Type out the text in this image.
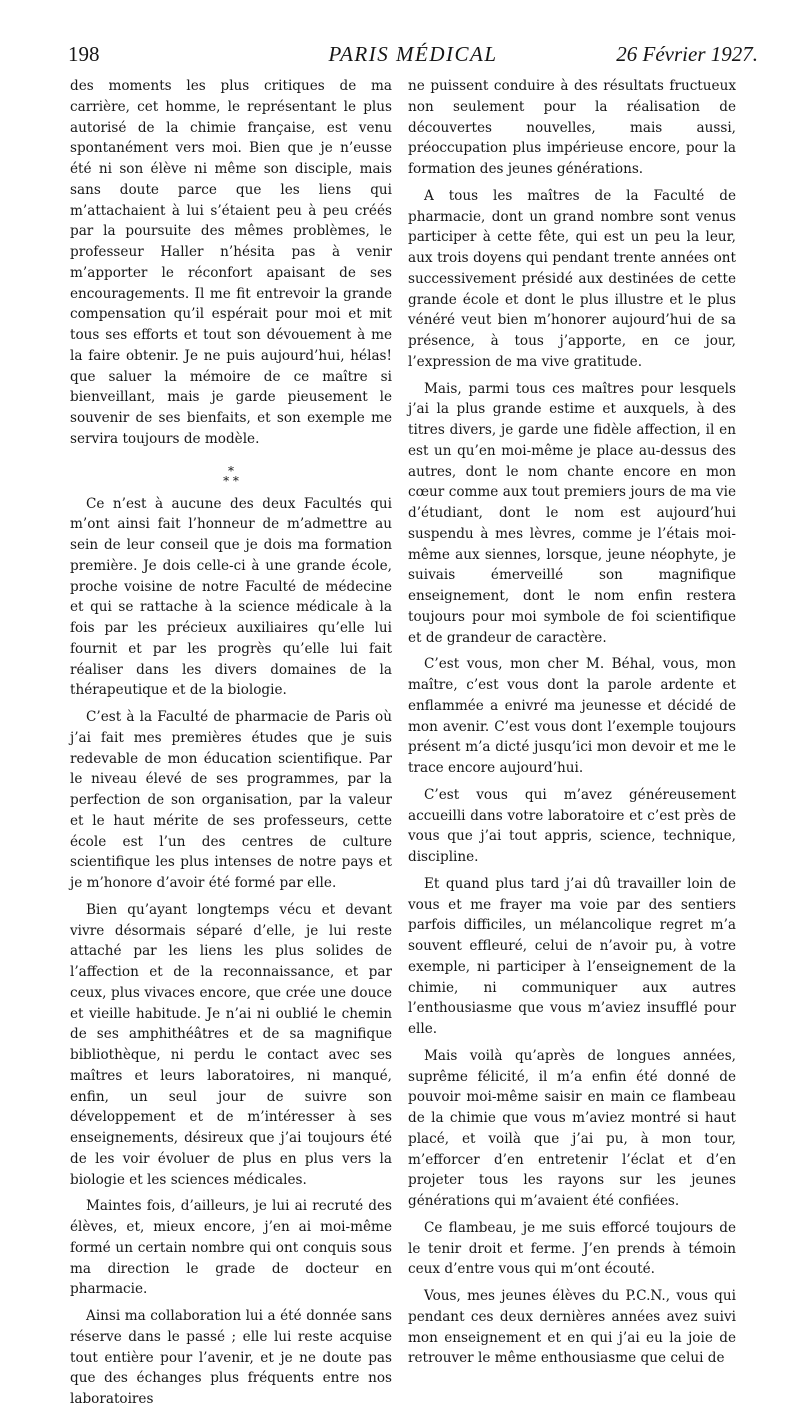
198	PARIS MÉDICAL	26 Février 1927.

des moments les plus critiques de ma carrière, cet homme, le représentant le plus autorisé de la chimie française, est venu spontanément vers moi. Bien que je n’eusse été ni son élève ni même son disciple, mais sans doute parce que les liens qui m’attachaient à lui s’étaient peu à peu créés par la poursuite des mêmes problèmes, le professeur Haller n’hésita pas à venir m’apporter le réconfort apaisant de ses encouragements. Il me fit entrevoir la grande compensation qu’il espérait pour moi et mit tous ses efforts et tout son dévouement à me la faire obtenir. Je ne puis aujourd’hui, hélas! que saluer la mémoire de ce maître si bienveillant, mais je garde pieusement le souvenir de ses bienfaits, et son exemple me servira toujours de modèle.

*
* *

Ce n’est à aucune des deux Facultés qui m’ont ainsi fait l’honneur de m’admettre au sein de leur conseil que je dois ma formation première. Je dois celle-ci à une grande école, proche voisine de notre Faculté de médecine et qui se rattache à la science médicale à la fois par les précieux auxiliaires qu’elle lui fournit et par les progrès qu’elle lui fait réaliser dans les divers domaines de la thérapeutique et de la biologie.

C’est à la Faculté de pharmacie de Paris où j’ai fait mes premières études que je suis redevable de mon éducation scientifique. Par le niveau élevé de ses programmes, par la perfection de son organisation, par la valeur et le haut mérite de ses professeurs, cette école est l’un des centres de culture scientifique les plus intenses de notre pays et je m’honore d’avoir été formé par elle.

Bien qu’ayant longtemps vécu et devant vivre désormais séparé d’elle, je lui reste attaché par les liens les plus solides de l’affection et de la reconnaissance, et par ceux, plus vivaces encore, que crée une douce et vieille habitude. Je n’ai ni oublié le chemin de ses amphithéâtres et de sa magnifique bibliothèque, ni perdu le contact avec ses maîtres et leurs laboratoires, ni manqué, enfin, un seul jour de suivre son développement et de m’intéresser à ses enseignements, désireux que j’ai toujours été de les voir évoluer de plus en plus vers la biologie et les sciences médicales.

Maintes fois, d’ailleurs, je lui ai recruté des élèves, et, mieux encore, j’en ai moi-même formé un certain nombre qui ont conquis sous ma direction le grade de docteur en pharmacie.

Ainsi ma collaboration lui a été donnée sans réserve dans le passé ; elle lui reste acquise tout entière pour l’avenir, et je ne doute pas que des échanges plus fréquents entre nos laboratoires

ne puissent conduire à des résultats fructueux non seulement pour la réalisation de découvertes nouvelles, mais aussi, préoccupation plus impérieuse encore, pour la formation des jeunes générations.

A tous les maîtres de la Faculté de pharmacie, dont un grand nombre sont venus participer à cette fête, qui est un peu la leur, aux trois doyens qui pendant trente années ont successivement présidé aux destinées de cette grande école et dont le plus illustre et le plus vénéré veut bien m’honorer aujourd’hui de sa présence, à tous j’apporte, en ce jour, l’expression de ma vive gratitude.

Mais, parmi tous ces maîtres pour lesquels j’ai la plus grande estime et auxquels, à des titres divers, je garde une fidèle affection, il en est un qu’en moi-même je place au-dessus des autres, dont le nom chante encore en mon cœur comme aux tout premiers jours de ma vie d’étudiant, dont le nom est aujourd’hui suspendu à mes lèvres, comme je l’étais moi-même aux siennes, lorsque, jeune néophyte, je suivais émerveillé son magnifique enseignement, dont le nom enfin restera toujours pour moi symbole de foi scientifique et de grandeur de caractère.

C’est vous, mon cher M. Béhal, vous, mon maître, c’est vous dont la parole ardente et enflammée a enivré ma jeunesse et décidé de mon avenir. C’est vous dont l’exemple toujours présent m’a dicté jusqu’ici mon devoir et me le trace encore aujourd’hui.

C’est vous qui m’avez généreusement accueilli dans votre laboratoire et c’est près de vous que j’ai tout appris, science, technique, discipline.

Et quand plus tard j’ai dû travailler loin de vous et me frayer ma voie par des sentiers parfois difficiles, un mélancolique regret m’a souvent effleuré, celui de n’avoir pu, à votre exemple, ni participer à l’enseignement de la chimie, ni communiquer aux autres l’enthousiasme que vous m’aviez insufflé pour elle.

Mais voilà qu’après de longues années, suprême félicité, il m’a enfin été donné de pouvoir moi-même saisir en main ce flambeau de la chimie que vous m’aviez montré si haut placé, et voilà que j’ai pu, à mon tour, m’efforcer d’en entretenir l’éclat et d’en projeter tous les rayons sur les jeunes générations qui m’avaient été confiées.

Ce flambeau, je me suis efforcé toujours de le tenir droit et ferme. J’en prends à témoin ceux d’entre vous qui m’ont écouté.

Vous, mes jeunes élèves du P.C.N., vous qui pendant ces deux dernières années avez suivi mon enseignement et en qui j’ai eu la joie de retrouver le même enthousiasme que celui de
